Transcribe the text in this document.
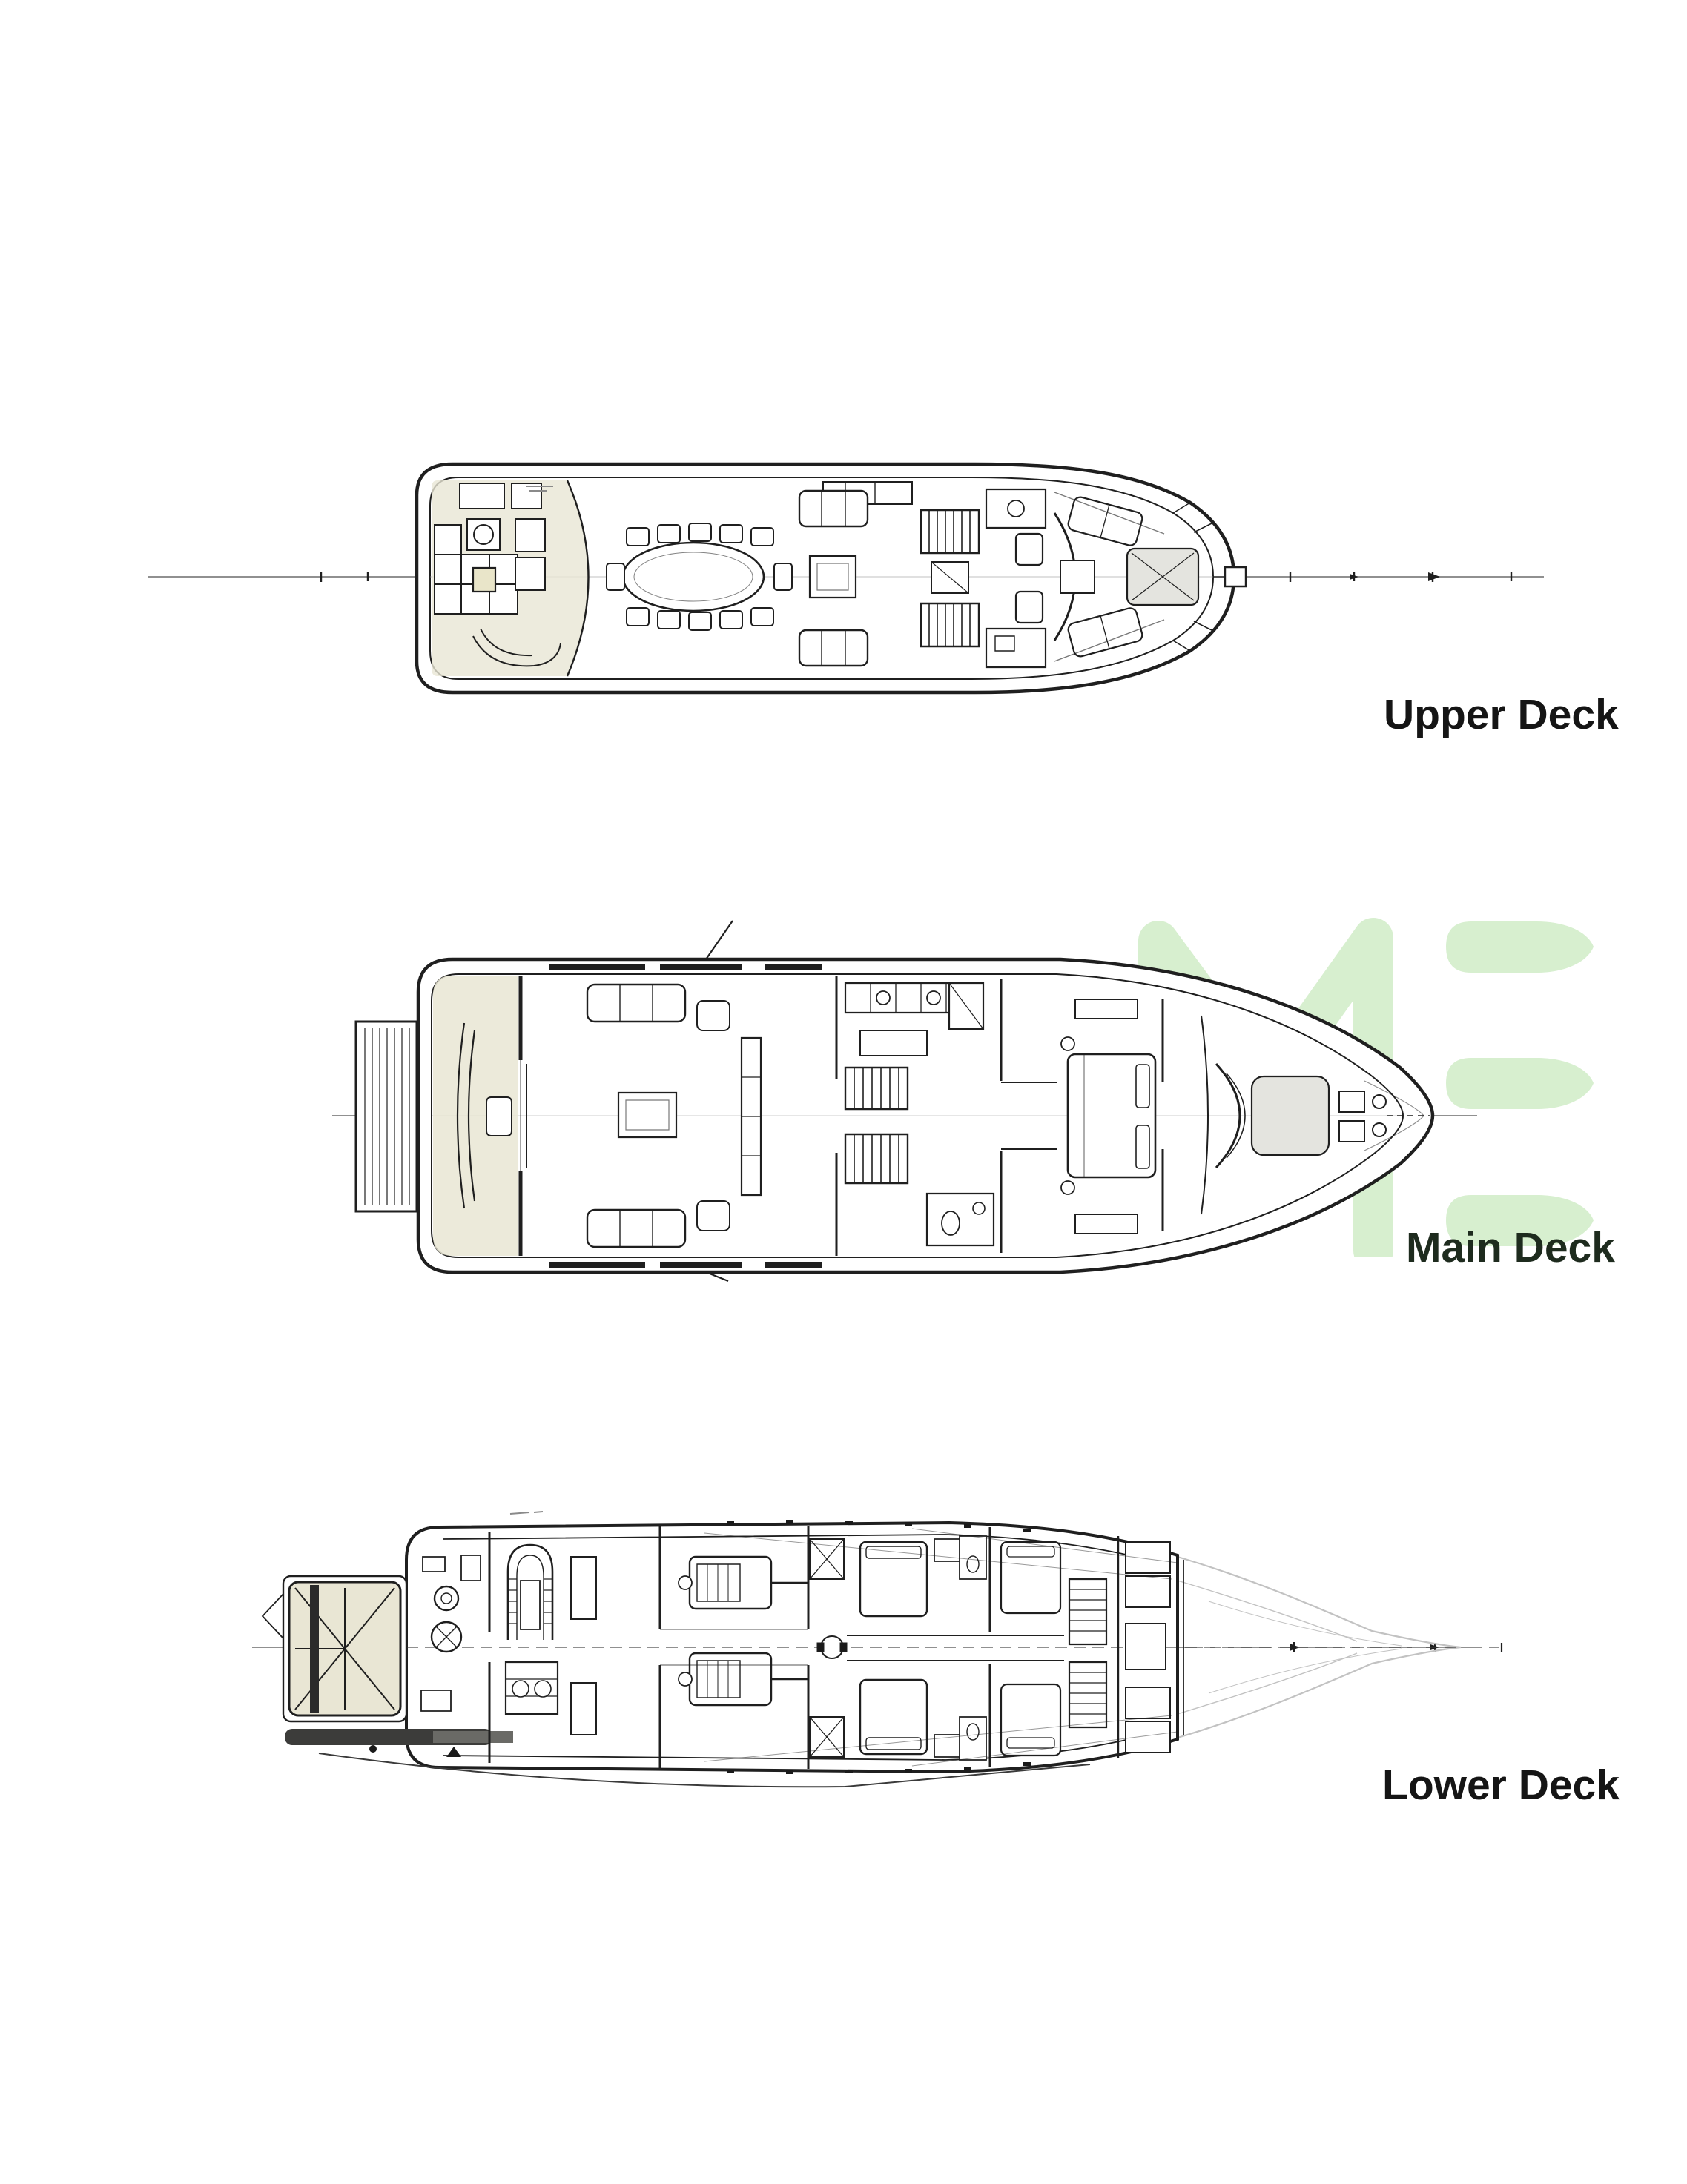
Upper Deck
Main Deck
Lower Deck
